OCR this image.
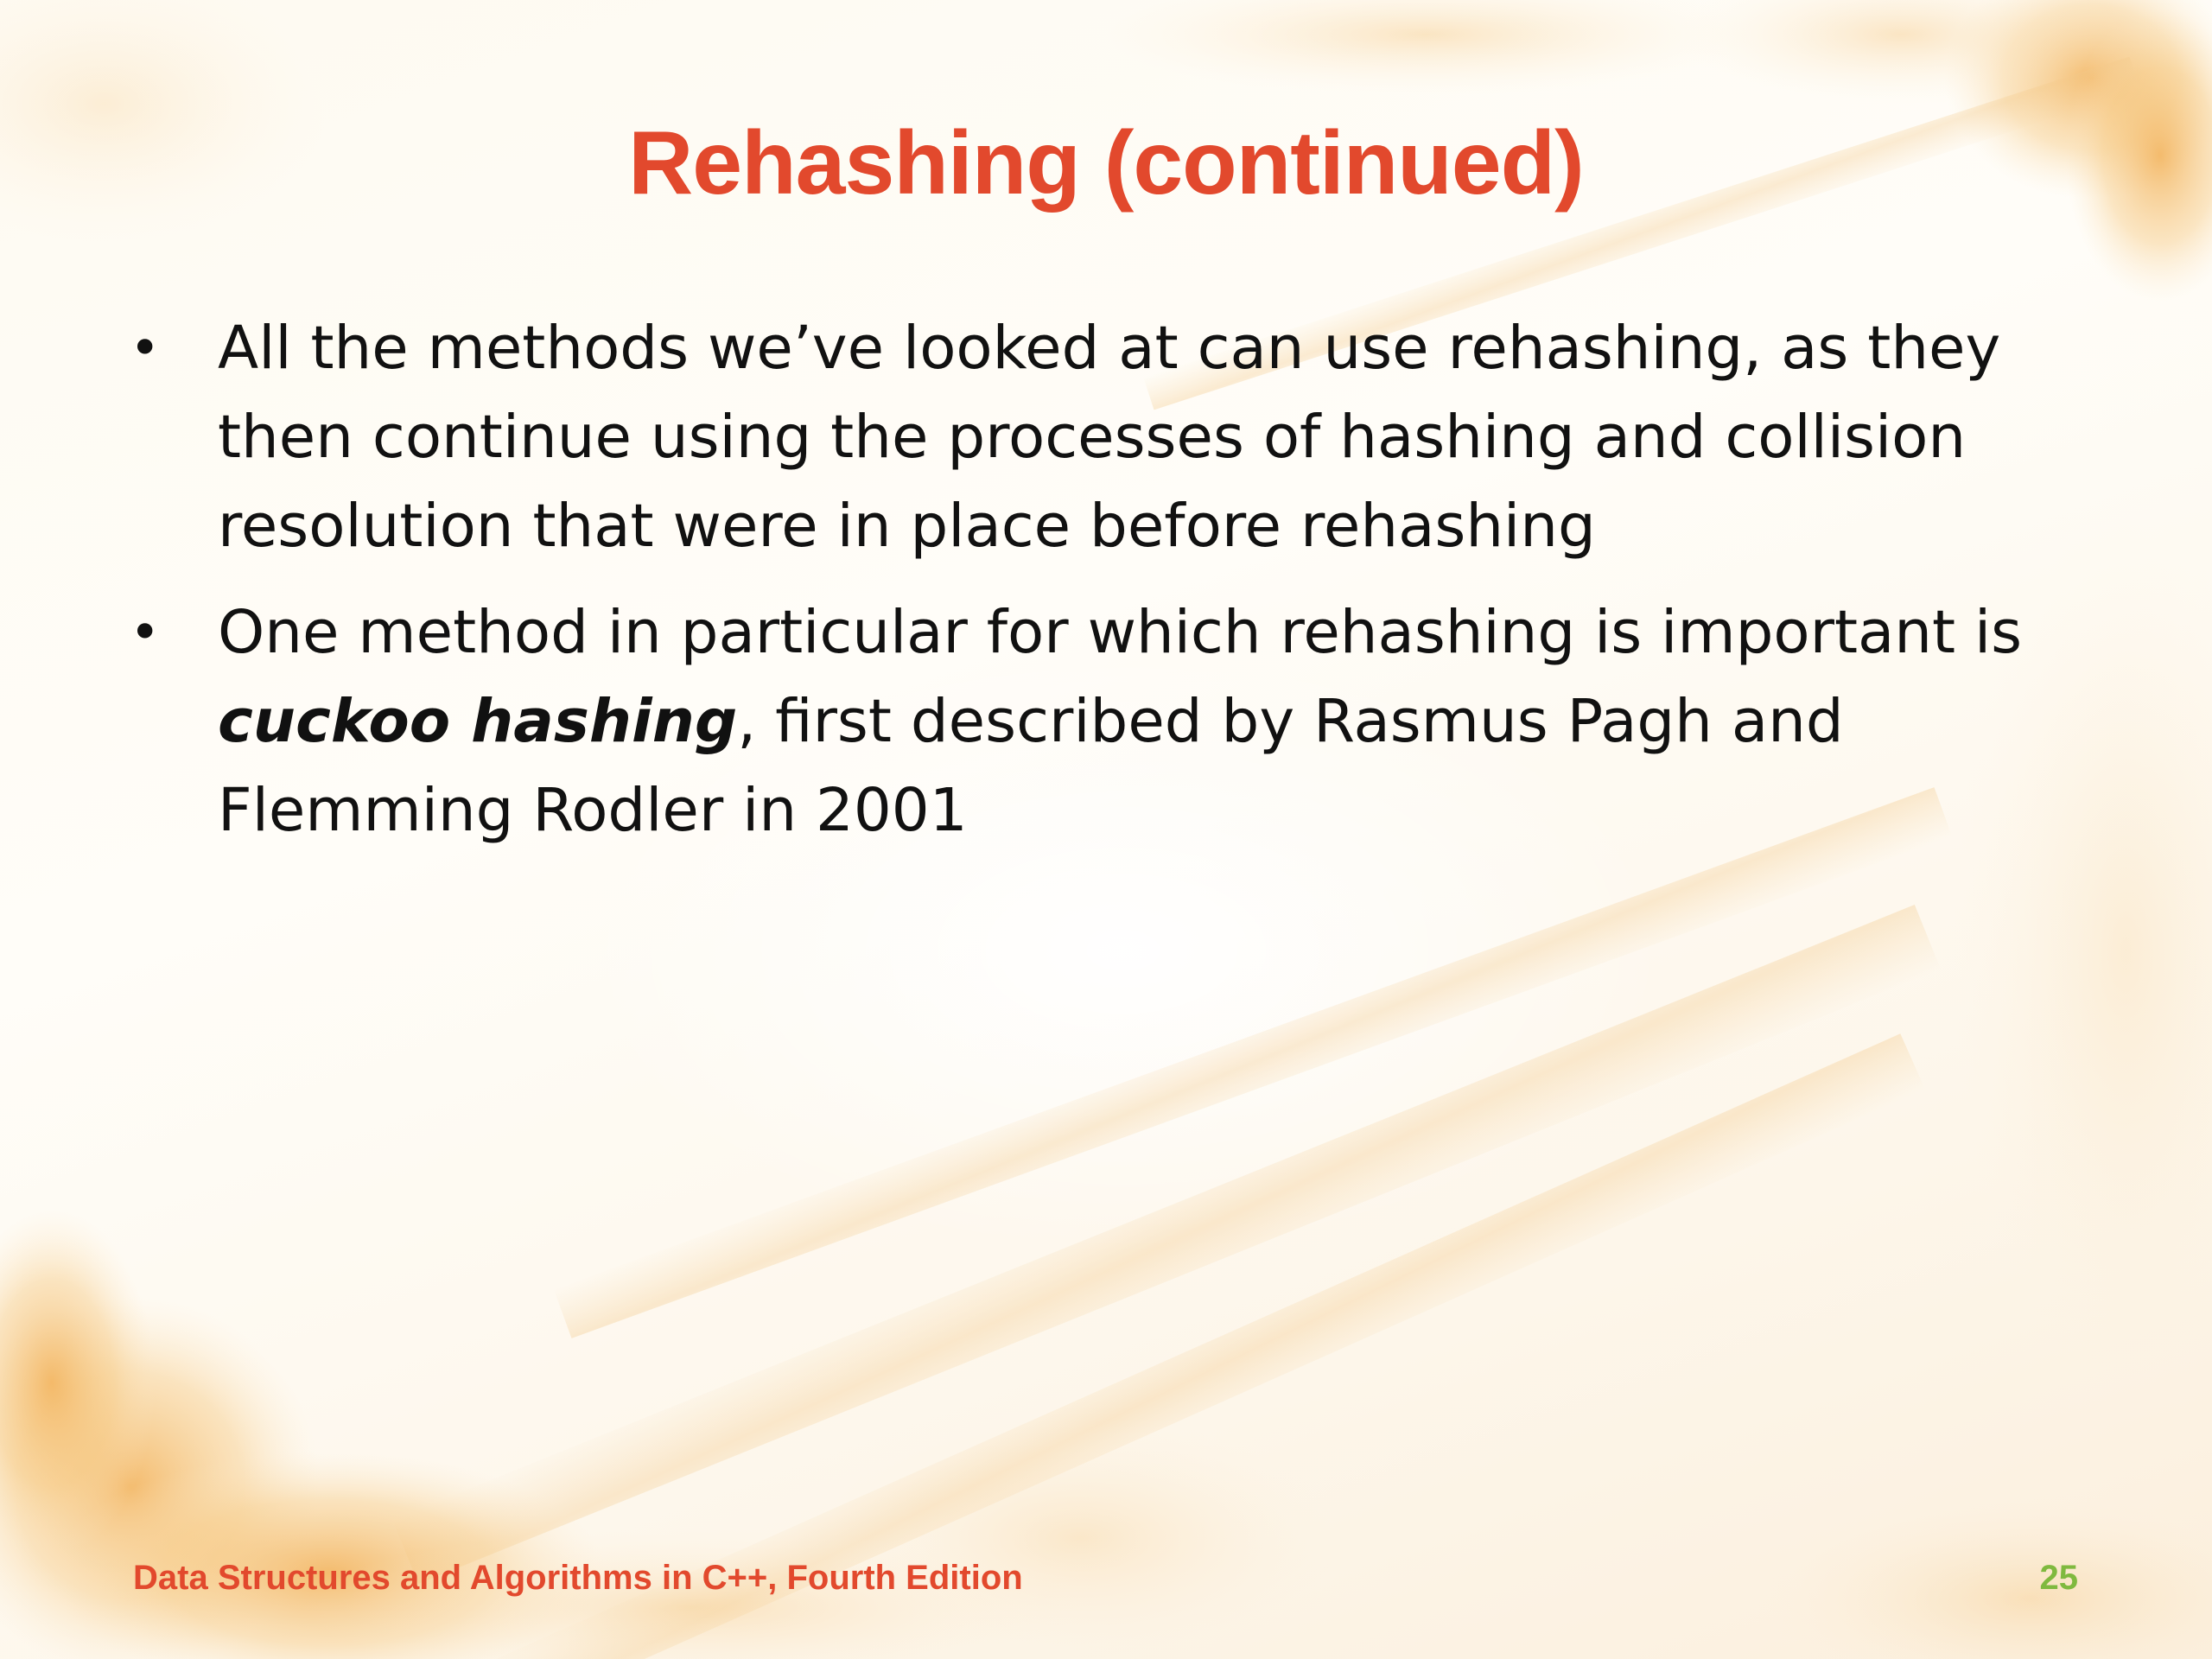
Rehashing (continued)
• All the methods we’ve looked at can use rehashing, as they then continue using the processes of hashing and collision resolution that were in place before rehashing
• One method in particular for which rehashing is important is cuckoo hashing, first described by Rasmus Pagh and Flemming Rodler in 2001
Data Structures and Algorithms in C++, Fourth Edition	25
